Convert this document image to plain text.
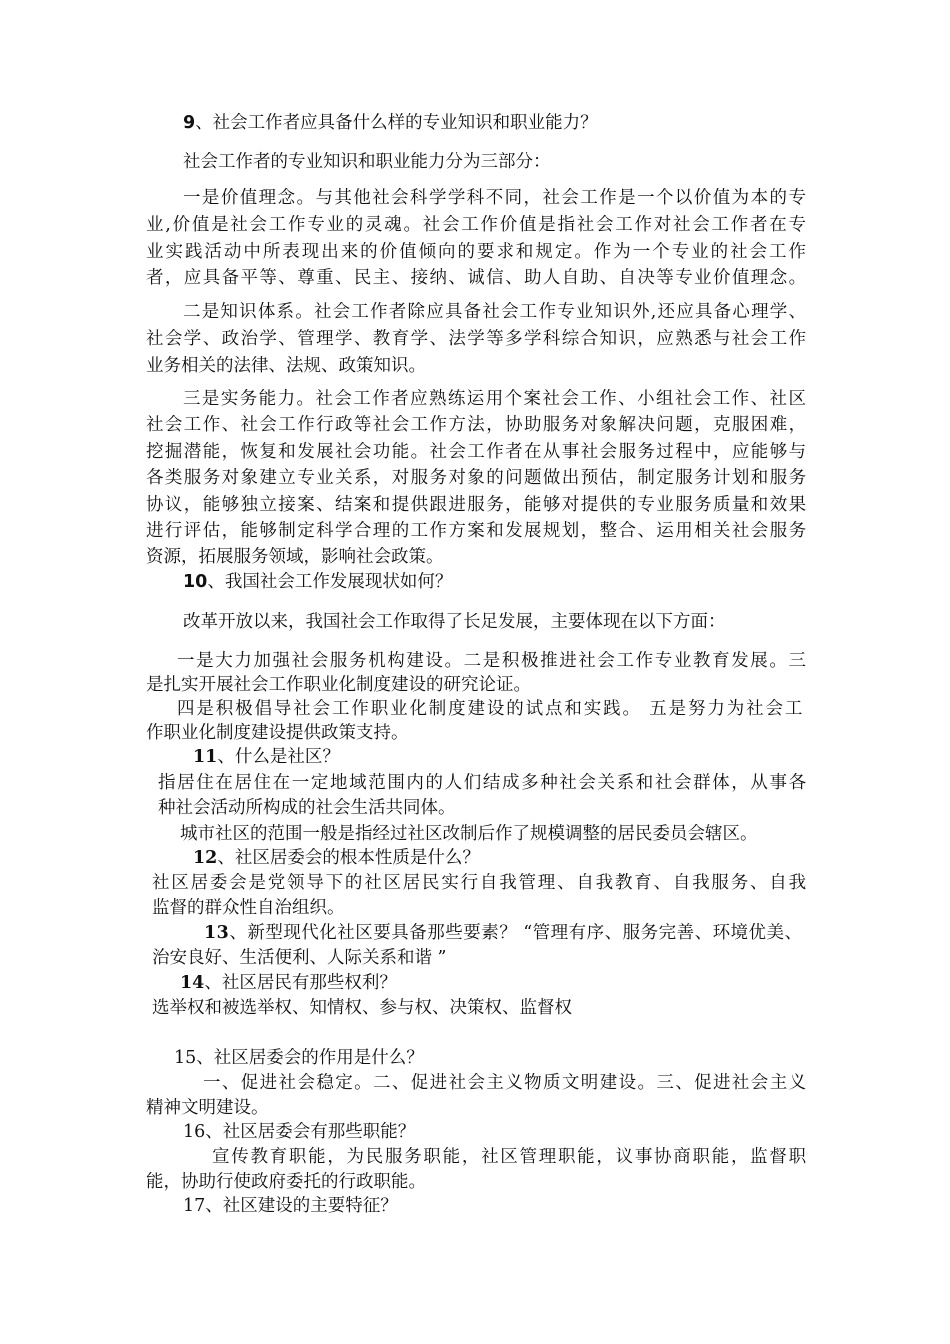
9、社会工作者应具备什么样的专业知识和职业能力？
社会工作者的专业知识和职业能力分为三部分：
一是价值理念。与其他社会科学学科不同，社会工作是一个以价值为本的专
业,价值是社会工作专业的灵魂。社会工作价值是指社会工作对社会工作者在专
业实践活动中所表现出来的价值倾向的要求和规定。作为一个专业的社会工作
者，应具备平等、尊重、民主、接纳、诚信、助人自助、自决等专业价值理念。
二是知识体系。社会工作者除应具备社会工作专业知识外,还应具备心理学、
社会学、政治学、管理学、教育学、法学等多学科综合知识，应熟悉与社会工作
业务相关的法律、法规、政策知识。
三是实务能力。社会工作者应熟练运用个案社会工作、小组社会工作、社区
社会工作、社会工作行政等社会工作方法，协助服务对象解决问题，克服困难，
挖掘潜能，恢复和发展社会功能。社会工作者在从事社会服务过程中，应能够与
各类服务对象建立专业关系，对服务对象的问题做出预估，制定服务计划和服务
协议，能够独立接案、结案和提供跟进服务，能够对提供的专业服务质量和效果
进行评估，能够制定科学合理的工作方案和发展规划，整合、运用相关社会服务
资源，拓展服务领域，影响社会政策。
10、我国社会工作发展现状如何？
改革开放以来，我国社会工作取得了长足发展，主要体现在以下方面：
一是大力加强社会服务机构建设。二是积极推进社会工作专业教育发展。三
是扎实开展社会工作职业化制度建设的研究论证。
四是积极倡导社会工作职业化制度建设的试点和实践。 五是努力为社会工
作职业化制度建设提供政策支持。
11、什么是社区？
指居住在居住在一定地域范围内的人们结成多种社会关系和社会群体，从事各
种社会活动所构成的社会生活共同体。
城市社区的范围一般是指经过社区改制后作了规模调整的居民委员会辖区。
12、社区居委会的根本性质是什么？
社区居委会是党领导下的社区居民实行自我管理、自我教育、自我服务、自我
监督的群众性自治组织。
13、新型现代化社区要具备那些要素？ “管理有序、服务完善、环境优美、
治安良好、生活便利、人际关系和谐 ”
14、社区居民有那些权利？
选举权和被选举权、知情权、参与权、决策权、监督权
15、社区居委会的作用是什么？
一、促进社会稳定。二、促进社会主义物质文明建设。三、促进社会主义
精神文明建设。
16、社区居委会有那些职能？
宣传教育职能，为民服务职能，社区管理职能，议事协商职能，监督职
能，协助行使政府委托的行政职能。
17、社区建设的主要特征？
